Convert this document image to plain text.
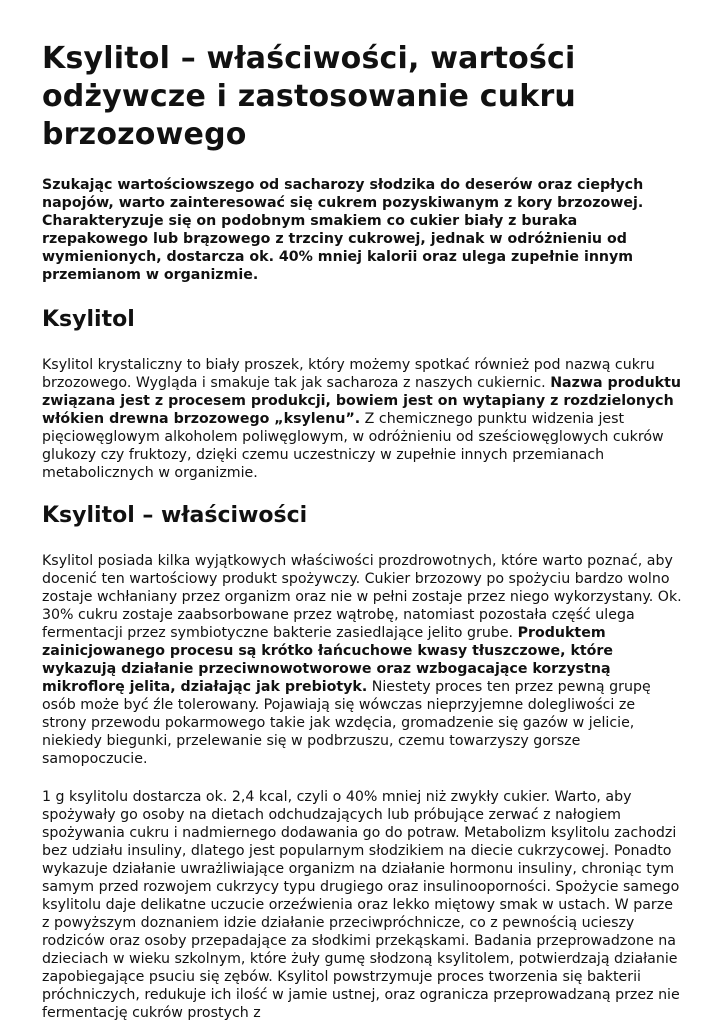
Ksylitol – właściwości, wartości odżywcze i zastosowanie cukru brzozowego

Szukając wartościowszego od sacharozy słodzika do deserów oraz ciepłych napojów, warto zainteresować się cukrem pozyskiwanym z kory brzozowej. Charakteryzuje się on podobnym smakiem co cukier biały z buraka rzepakowego lub brązowego z trzciny cukrowej, jednak w odróżnieniu od wymienionych, dostarcza ok. 40% mniej kalorii oraz ulega zupełnie innym przemianom w organizmie.

Ksylitol

Ksylitol krystaliczny to biały proszek, który możemy spotkać również pod nazwą cukru brzozowego. Wygląda i smakuje tak jak sacharoza z naszych cukiernic. Nazwa produktu związana jest z procesem produkcji, bowiem jest on wytapiany z rozdzielonych włókien drewna brzozowego „ksylenu”. Z chemicznego punktu widzenia jest pięciowęglowym alkoholem poliwęglowym, w odróżnieniu od sześciowęglowych cukrów glukozy czy fruktozy, dzięki czemu uczestniczy w zupełnie innych przemianach metabolicznych w organizmie.

Ksylitol – właściwości

Ksylitol posiada kilka wyjątkowych właściwości prozdrowotnych, które warto poznać, aby docenić ten wartościowy produkt spożywczy. Cukier brzozowy po spożyciu bardzo wolno zostaje wchłaniany przez organizm oraz nie w pełni zostaje przez niego wykorzystany. Ok. 30% cukru zostaje zaabsorbowane przez wątrobę, natomiast pozostała część ulega fermentacji przez symbiotyczne bakterie zasiedlające jelito grube. Produktem zainicjowanego procesu są krótko łańcuchowe kwasy tłuszczowe, które wykazują działanie przeciwnowotworowe oraz wzbogacające korzystną mikroflorę jelita, działając jak prebiotyk. Niestety proces ten przez pewną grupę osób może być źle tolerowany. Pojawiają się wówczas nieprzyjemne dolegliwości ze strony przewodu pokarmowego takie jak wzdęcia, gromadzenie się gazów w jelicie, niekiedy biegunki, przelewanie się w podbrzuszu, czemu towarzyszy gorsze samopoczucie.

1 g ksylitolu dostarcza ok. 2,4 kcal, czyli o 40% mniej niż zwykły cukier. Warto, aby spożywały go osoby na dietach odchudzających lub próbujące zerwać z nałogiem spożywania cukru i nadmiernego dodawania go do potraw. Metabolizm ksylitolu zachodzi bez udziału insuliny, dlatego jest popularnym słodzikiem na diecie cukrzycowej. Ponadto wykazuje działanie uwrażliwiające organizm na działanie hormonu insuliny, chroniąc tym samym przed rozwojem cukrzycy typu drugiego oraz insulinooporności. Spożycie samego ksylitolu daje delikatne uczucie orzeźwienia oraz lekko miętowy smak w ustach. W parze z powyższym doznaniem idzie działanie przeciwpróchnicze, co z pewnością ucieszy rodziców oraz osoby przepadające za słodkimi przekąskami. Badania przeprowadzone na dzieciach w wieku szkolnym, które żuły gumę słodzoną ksylitolem, potwierdzają działanie zapobiegające psuciu się zębów. Ksylitol powstrzymuje proces tworzenia się bakterii próchniczych, redukuje ich ilość w jamie ustnej, oraz ogranicza przeprowadzaną przez nie fermentację cukrów prostych z
